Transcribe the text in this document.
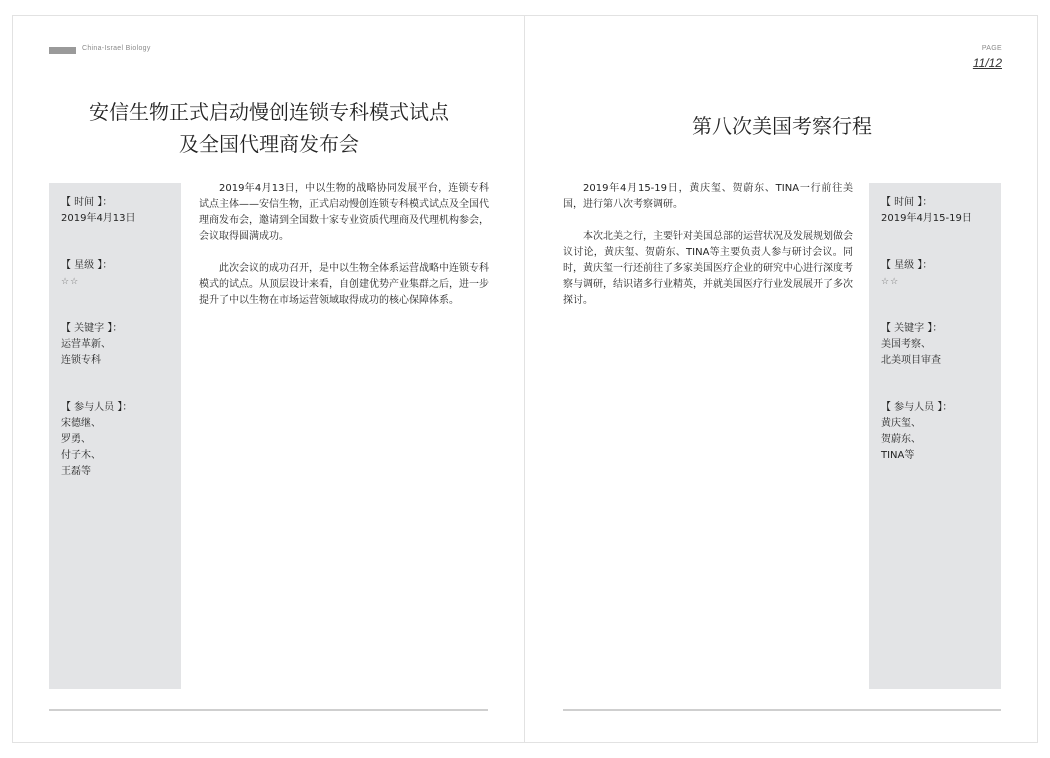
China-Israel Biology	PAGE
11/12
安信生物正式启动慢创连锁专科模式试点
及全国代理商发布会
【 时间 】：
2019年4月13日
【 星级 】：
☆☆
【 关键字 】：
运营革新、
连锁专科
【 参与人员 】：
宋德继、
罗勇、
付子木、
王磊等

2019年4月13日，中以生物的战略协同发展平台，连锁专科试点主体——安信生物，正式启动慢创连锁专科模式试点及全国代理商发布会，邀请到全国数十家专业资质代理商及代理机构参会，会议取得圆满成功。

此次会议的成功召开，是中以生物全体系运营战略中连锁专科模式的试点。从顶层设计来看，自创建优势产业集群之后，进一步提升了中以生物在市场运营领域取得成功的核心保障体系。

第八次美国考察行程

2019年4月15-19日，黄庆玺、贺蔚东、TINA一行前往美国，进行第八次考察调研。

本次北美之行，主要针对美国总部的运营状况及发展规划做会议讨论，黄庆玺、贺蔚东、TINA等主要负责人参与研讨会议。同时，黄庆玺一行还前往了多家美国医疗企业的研究中心进行深度考察与调研，结识诸多行业精英，并就美国医疗行业发展展开了多次探讨。

【 时间 】：
2019年4月15-19日
【 星级 】：
☆☆
【 关键字 】：
美国考察、
北美项目审查
【 参与人员 】：
黄庆玺、
贺蔚东、
TINA等
